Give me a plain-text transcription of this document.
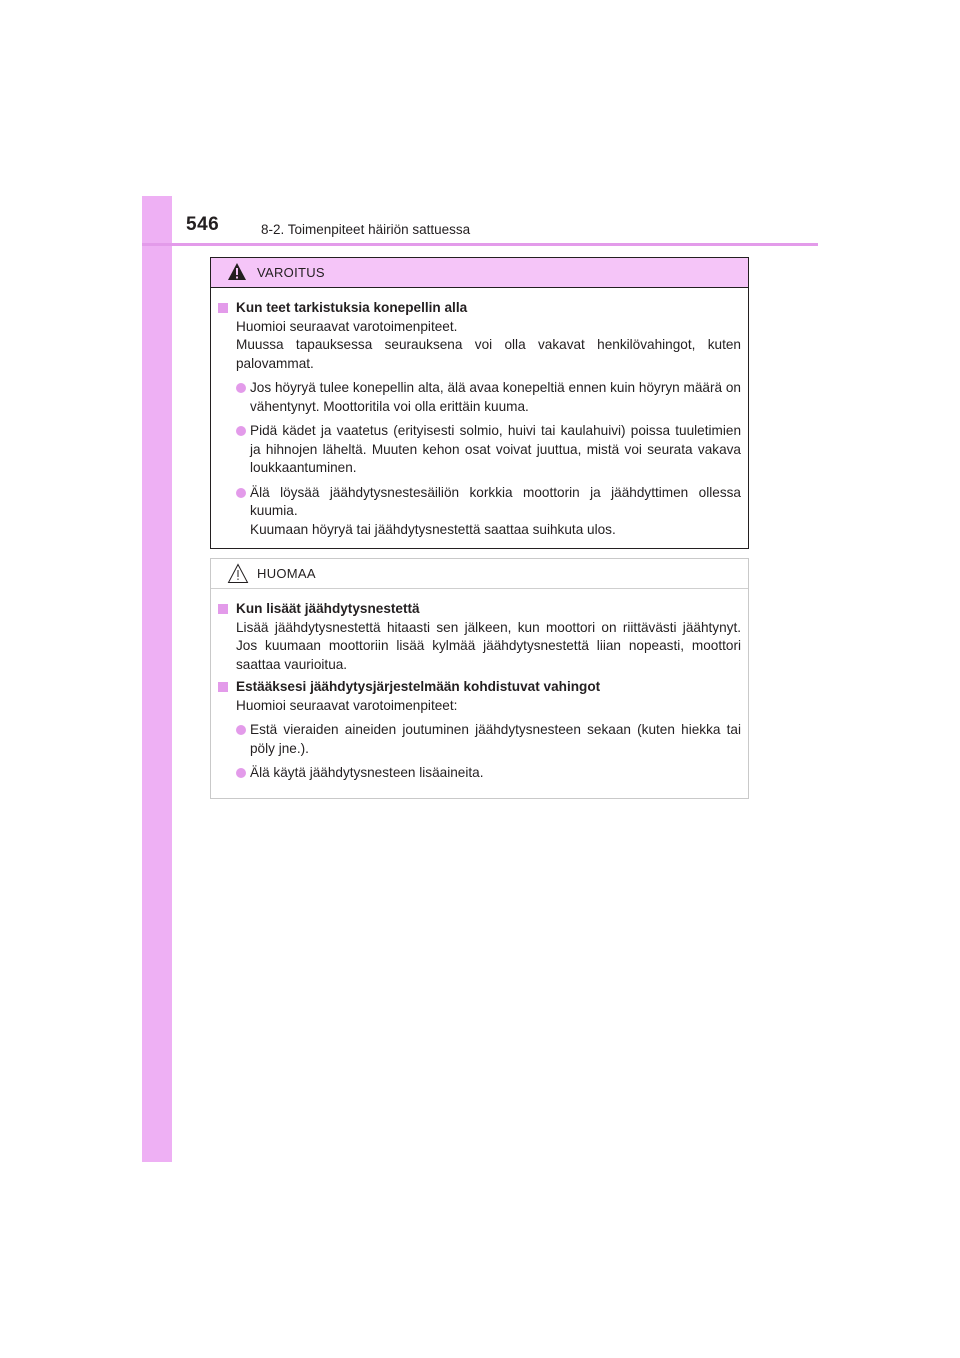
546	8-2. Toimenpiteet häiriön sattuessa
VAROITUS
Kun teet tarkistuksia konepellin alla
Huomioi seuraavat varotoimenpiteet.
Muussa tapauksessa seurauksena voi olla vakavat henkilövahingot, kuten palovammat.
Jos höyryä tulee konepellin alta, älä avaa konepeltiä ennen kuin höyryn määrä on vähentynyt. Moottoritila voi olla erittäin kuuma.
Pidä kädet ja vaatetus (erityisesti solmio, huivi tai kaulahuivi) poissa tuuletimien ja hihnojen läheltä. Muuten kehon osat voivat juuttua, mistä voi seurata vakava loukkaantuminen.
Älä löysää jäähdytysnestesäiliön korkkia moottorin ja jäähdyttimen ollessa kuumia.
Kuumaan höyryä tai jäähdytysnestettä saattaa suihkuta ulos.
HUOMAA
Kun lisäät jäähdytysnestettä
Lisää jäähdytysnestettä hitaasti sen jälkeen, kun moottori on riittävästi jäähtynyt. Jos kuumaan moottoriin lisää kylmää jäähdytysnestettä liian nopeasti, moottori saattaa vaurioitua.
Estääksesi jäähdytysjärjestelmään kohdistuvat vahingot
Huomioi seuraavat varotoimenpiteet:
Estä vieraiden aineiden joutuminen jäähdytysnesteen sekaan (kuten hiekka tai pöly jne.).
Älä käytä jäähdytysnesteen lisäaineita.
